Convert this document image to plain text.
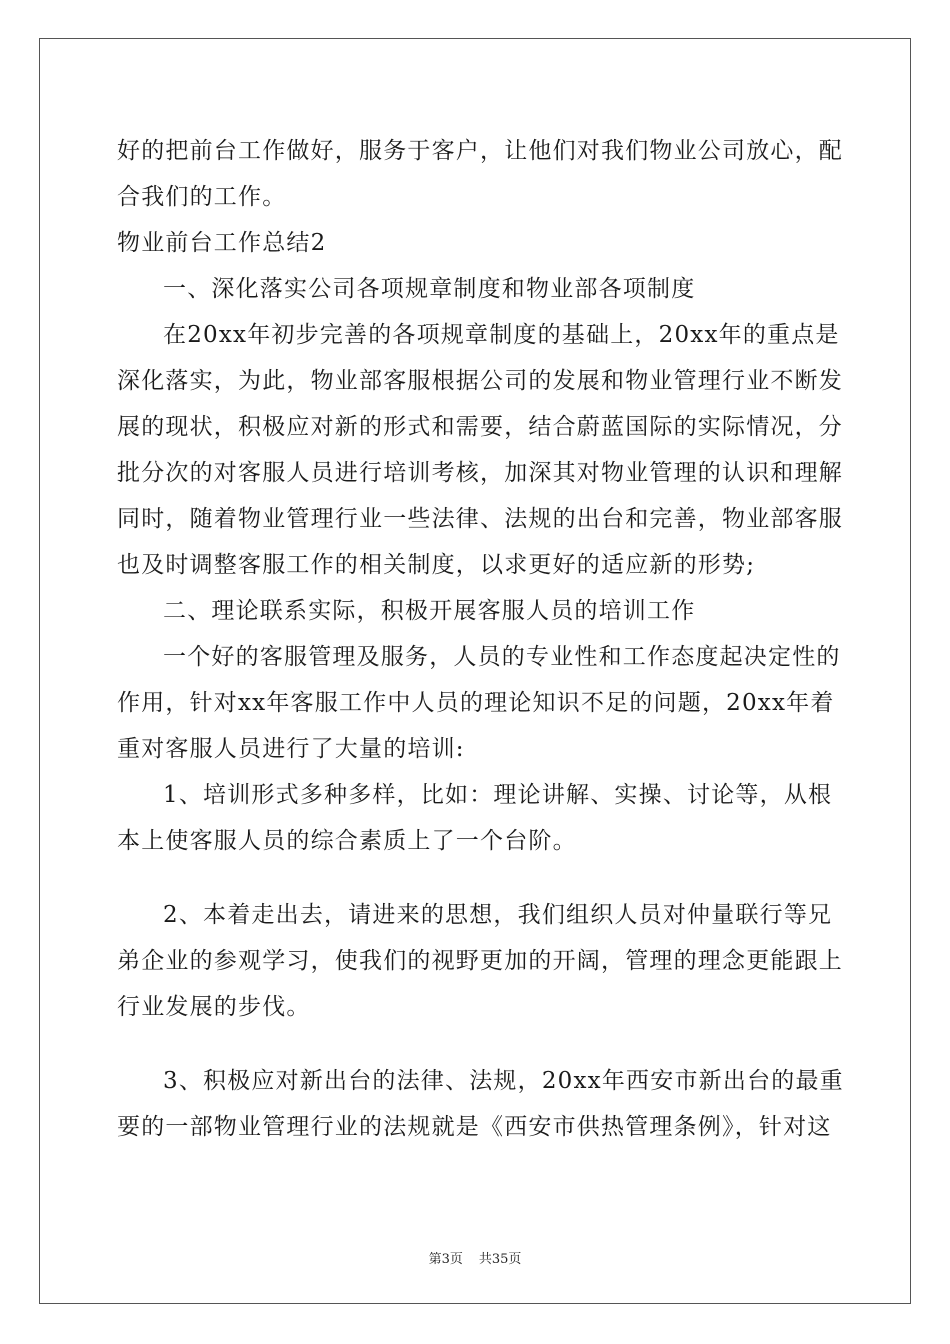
好的把前台工作做好，服务于客户，让他们对我们物业公司放心，配
合我们的工作。
物业前台工作总结2
一、深化落实公司各项规章制度和物业部各项制度
在20xx年初步完善的各项规章制度的基础上，20xx年的重点是
深化落实，为此，物业部客服根据公司的发展和物业管理行业不断发
展的现状，积极应对新的形式和需要，结合蔚蓝国际的实际情况，分
批分次的对客服人员进行培训考核，加深其对物业管理的认识和理解
同时，随着物业管理行业一些法律、法规的出台和完善，物业部客服
也及时调整客服工作的相关制度，以求更好的适应新的形势;
二、理论联系实际，积极开展客服人员的培训工作
一个好的客服管理及服务，人员的专业性和工作态度起决定性的
作用，针对xx年客服工作中人员的理论知识不足的问题，20xx年着
重对客服人员进行了大量的培训:
1、培训形式多种多样，比如：理论讲解、实操、讨论等，从根
本上使客服人员的综合素质上了一个台阶。
2、本着走出去，请进来的思想，我们组织人员对仲量联行等兄
弟企业的参观学习，使我们的视野更加的开阔，管理的理念更能跟上
行业发展的步伐。
3、积极应对新出台的法律、法规，20xx年西安市新出台的最重
要的一部物业管理行业的法规就是《西安市供热管理条例》，针对这
第3页 共35页
